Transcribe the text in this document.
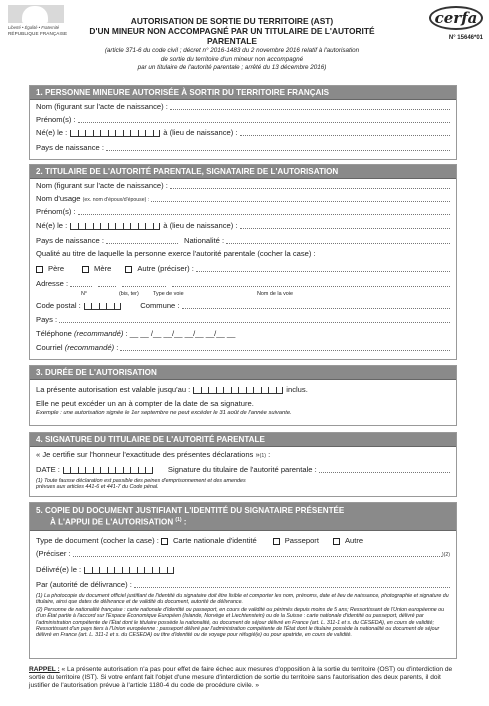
Liberté • Égalité • Fraternité
RÉPUBLIQUE FRANÇAISE
cerfa
N° 15646*01
AUTORISATION DE SORTIE DU TERRITOIRE (AST)
D'UN MINEUR NON ACCOMPAGNÉ PAR UN TITULAIRE DE L'AUTORITÉ PARENTALE
(article 371-6 du code civil ; décret n° 2016-1483 du 2 novembre 2016 relatif à l'autorisation
de sortie du territoire d'un mineur non accompagné
par un titulaire de l'autorité parentale ; arrêté du 13 décembre 2016)
1. PERSONNE MINEURE AUTORISÉE À SORTIR DU TERRITOIRE FRANÇAIS
Nom (figurant sur l'acte de naissance) :
Prénom(s) :
Né(e) le :	à (lieu de naissance) :
Pays de naissance :
2. TITULAIRE DE L'AUTORITÉ PARENTALE, SIGNATAIRE DE L'AUTORISATION
Nom (figurant sur l'acte de naissance) :
Nom d'usage
(ex. nom d'époux/d'épouse) :
Prénom(s) :
Né(e) le :	à (lieu de naissance) :
Pays de naissance :	Nationalité :
Qualité au titre de laquelle la personne exerce l'autorité parentale (cocher la case) :
Père	Mère	Autre (préciser) :
Adresse :
N°	(bis, ter)	Type de voie	Nom de la voie
Code postal :	Commune :
Pays :
Téléphone
(recommandé)
: __ __ /__ __/__ __/__ __/__ __
Courriel
(recommandé) :
3. DURÉE DE L'AUTORISATION
La présente autorisation est valable jusqu'au :	inclus.
Elle ne peut excéder un an à compter de la date de sa signature.
Exemple : une autorisation signée le 1er septembre ne peut excéder le 31 août de l'année suivante.
4. SIGNATURE DU TITULAIRE DE L'AUTORITÉ PARENTALE
« Je certifie sur l'honneur l'exactitude des présentes déclarations » (1) :
DATE :	Signature du titulaire de l'autorité parentale :
(1) Toute fausse déclaration est passible des peines d'emprisonnement et des amendes
prévues aux articles 441-6 et 441-7 du Code pénal.
5. COPIE DU DOCUMENT JUSTIFIANT L'IDENTITÉ DU SIGNATAIRE PRÉSENTÉE
À L'APPUI DE L'AUTORISATION $^{(1)}$ :
Type de document (cocher la case) :
Carte nationale d'identité	Passeport	Autre
(Préciser :	)(2)
Délivré(e) le :
Par (autorité de délivrance) :
(1) La photocopie du document officiel justifiant de l'identité du signataire doit être lisible et comporter les nom, prénoms, date et lieu de naissance, photographie et signature du titulaire, ainsi que dates de délivrance et de validité du document, autorité de délivrance.
(2) Personne de nationalité française : carte nationale d'identité ou passeport, en cours de validité ou périmés depuis moins de 5 ans; Ressortissant de l'Union européenne ou d'un État partie à l'accord sur l'Espace Économique Européen (Islande, Norvège et Liechtenstein) ou de la Suisse : carte nationale d'identité ou passeport, délivré par l'administration compétente de l'État dont le titulaire possède la nationalité, ou document de séjour délivré en France (art. L. 311-1 et s. du CESEDA), en cours de validité; Ressortissant d'un pays tiers à l'Union européenne : passeport délivré par l'administration compétente de l'État dont le titulaire possède la nationalité ou document de séjour délivré en France (art. L. 311-1 et s. du CESEDA) ou titre d'identité ou de voyage pour réfugié(e) ou pour apatride, en cours de validité.
RAPPEL : « La présente autorisation n'a pas pour effet de faire échec aux mesures d'opposition à la sortie du territoire (OST) ou d'interdiction de sortie du territoire (IST). Si votre enfant fait l'objet d'une mesure d'interdiction de sortie du territoire sans l'autorisation des deux parents, il doit justifier de l'autorisation prévue à l'article 1180-4 du code de procédure civile. »
